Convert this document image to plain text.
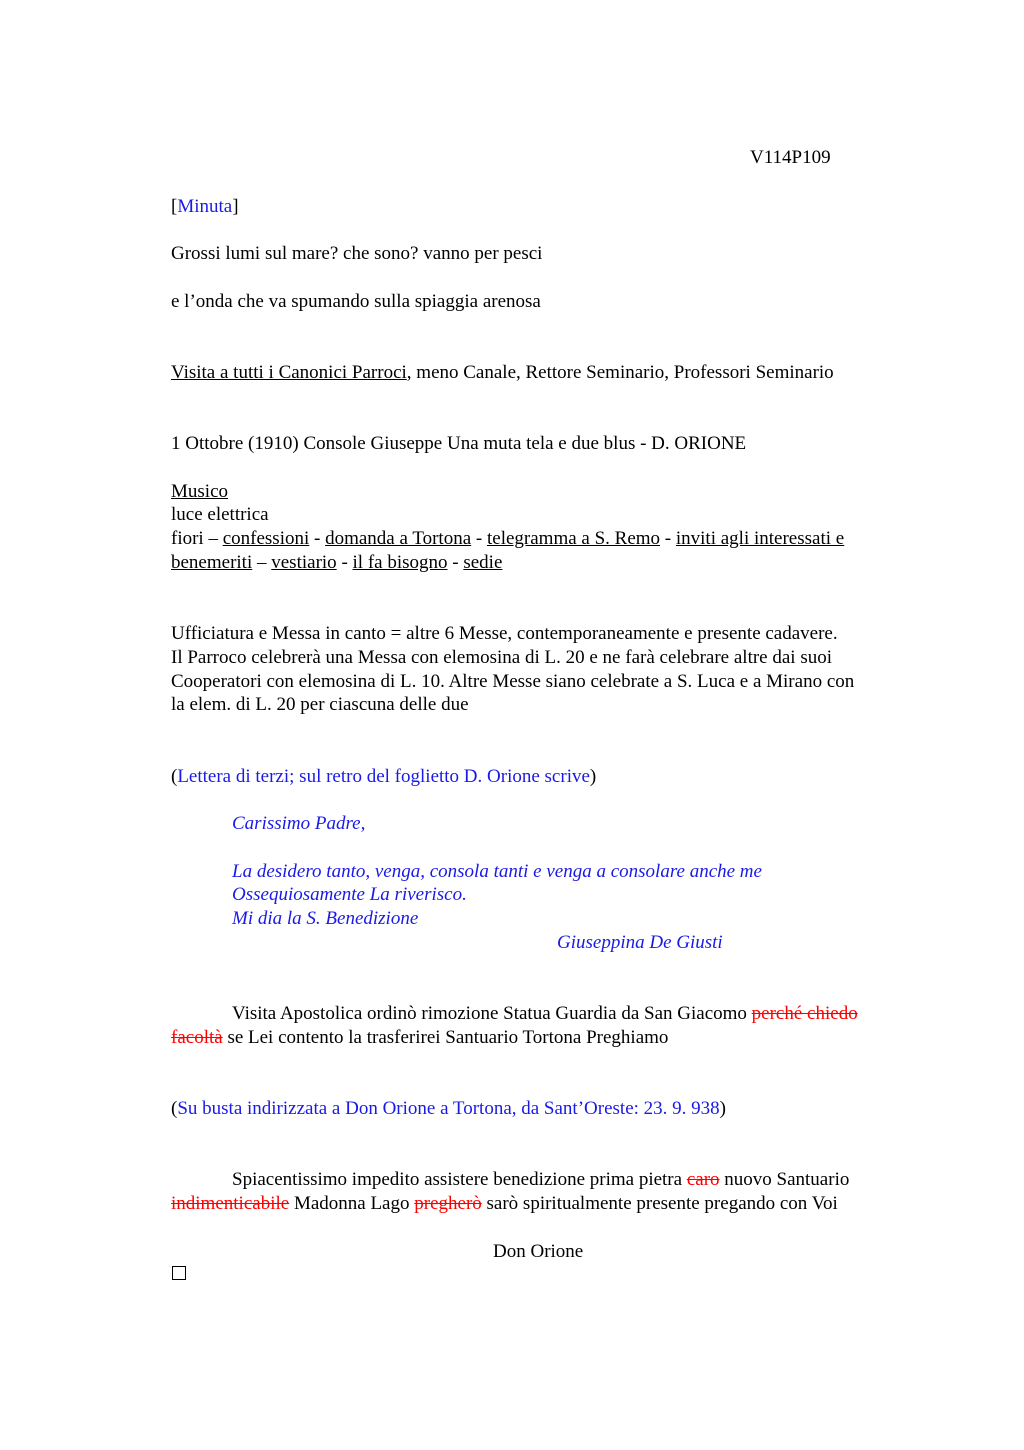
V114P109
[Minuta]
Grossi lumi sul mare? che sono? vanno per pesci
e l’onda che va spumando sulla spiaggia arenosa
Visita a tutti i Canonici Parroci, meno Canale, Rettore Seminario, Professori Seminario
1 Ottobre (1910) Console Giuseppe Una muta tela e due blus - D. ORIONE
Musico
luce elettrica
fiori – confessioni - domanda a Tortona - telegramma a S. Remo - inviti agli interessati e
benemeriti – vestiario - il fa bisogno - sedie
Ufficiatura e Messa in canto = altre 6 Messe, contemporaneamente e presente cadavere.
Il Parroco celebrerà una Messa con elemosina di L. 20 e ne farà celebrare altre dai suoi
Cooperatori con elemosina di L. 10. Altre Messe siano celebrate a S. Luca e a Mirano con
la elem. di L. 20 per ciascuna delle due
(Lettera di terzi; sul retro del foglietto D. Orione scrive)
Carissimo Padre,
La desidero tanto, venga, consola tanti e venga a consolare anche me
Ossequiosamente La riverisco.
Mi dia la S. Benedizione
Giuseppina De Giusti
Visita Apostolica ordinò rimozione Statua Guardia da San Giacomo perché chiedo
facoltà se Lei contento la trasferirei Santuario Tortona Preghiamo
(Su busta indirizzata a Don Orione a Tortona, da Sant’Oreste: 23. 9. 938)
Spiacentissimo impedito assistere benedizione prima pietra caro nuovo Santuario
indimenticabile Madonna Lago pregherò sarò spiritualmente presente pregando con Voi
Don Orione
